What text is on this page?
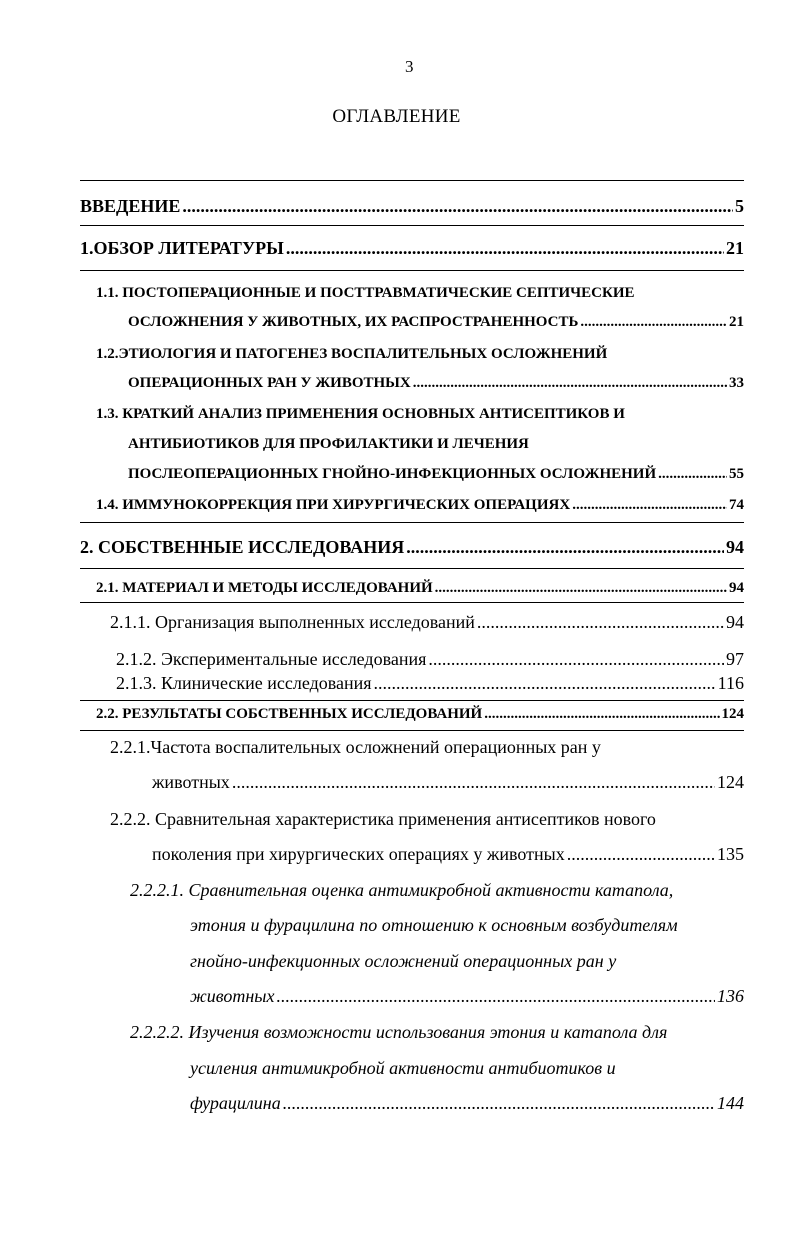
3
ОГЛАВЛЕНИЕ
ВВЕДЕНИЕ .....	5
1.ОБЗОР ЛИТЕРАТУРЫ .....	21
1.1. ПОСТОПЕРАЦИОННЫЕ И ПОСТТРАВМАТИЧЕСКИЕ СЕПТИЧЕСКИЕ
ОСЛОЖНЕНИЯ У ЖИВОТНЫХ, ИХ РАСПРОСТРАНЕННОСТЬ .....	21
1.2.ЭТИОЛОГИЯ И ПАТОГЕНЕЗ ВОСПАЛИТЕЛЬНЫХ ОСЛОЖНЕНИЙ
ОПЕРАЦИОННЫХ РАН У ЖИВОТНЫХ .....	33
1.3. КРАТКИЙ АНАЛИЗ ПРИМЕНЕНИЯ ОСНОВНЫХ АНТИСЕПТИКОВ И
АНТИБИОТИКОВ ДЛЯ ПРОФИЛАКТИКИ И ЛЕЧЕНИЯ
ПОСЛЕОПЕРАЦИОННЫХ ГНОЙНО-ИНФЕКЦИОННЫХ ОСЛОЖНЕНИЙ .....	55
1.4. ИММУНОКОРРЕКЦИЯ ПРИ ХИРУРГИЧЕСКИХ ОПЕРАЦИЯХ .....	74
2. СОБСТВЕННЫЕ ИССЛЕДОВАНИЯ .....	94
2.1. МАТЕРИАЛ И МЕТОДЫ ИССЛЕДОВАНИЙ .....	94
2.1.1. Организация выполненных исследований .....	94
2.1.2. Экспериментальные исследования .....	97
2.1.3. Клинические исследования .....	116
2.2. РЕЗУЛЬТАТЫ СОБСТВЕННЫХ ИССЛЕДОВАНИЙ .....	124
2.2.1.Частота воспалительных осложнений операционных ран у
животных .....	124
2.2.2. Сравнительная характеристика применения антисептиков нового
поколения при хирургических операциях у животных .....	135
2.2.2.1. Сравнительная оценка антимикробной активности катапола,
этония и фурацилина по отношению к основным возбудителям
гнойно-инфекционных осложнений операционных ран у
животных .....	136
2.2.2.2. Изучения возможности использования этония и катапола для
усиления антимикробной активности антибиотиков и
фурацилина .....	144
